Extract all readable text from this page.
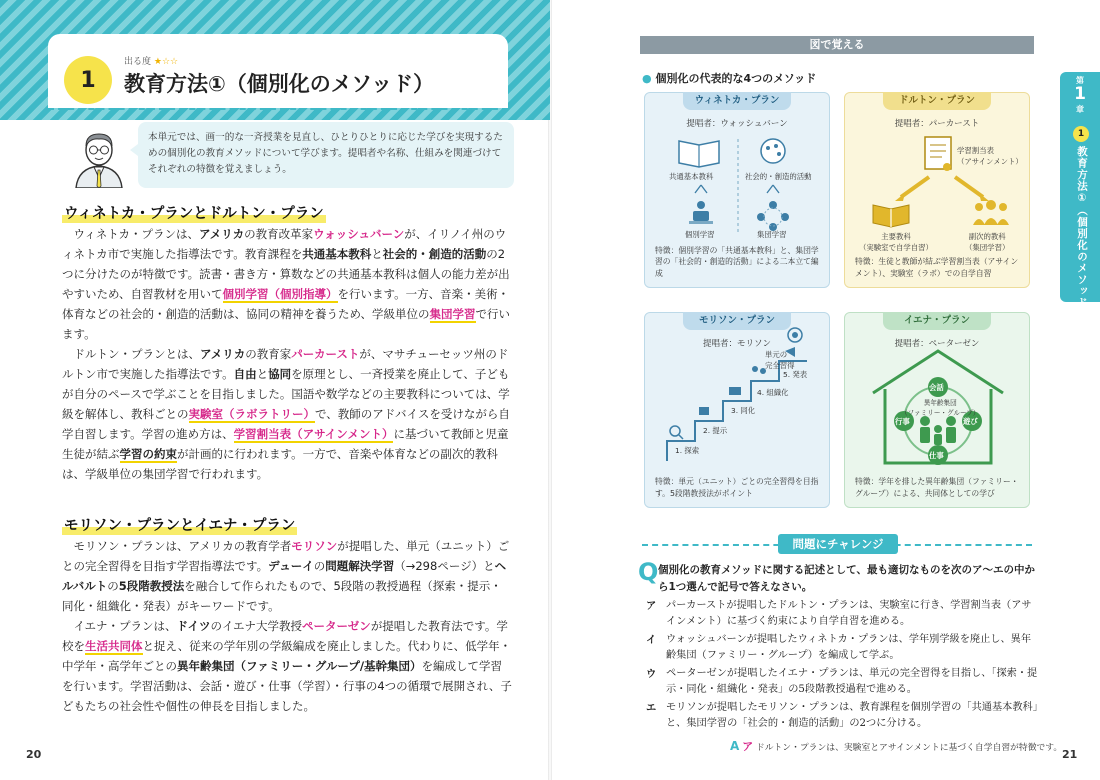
1
出る度 ★☆☆
教育方法①（個別化のメソッド）
本単元では、画一的な一斉授業を見直し、ひとりひとりに応じた学びを実現するための個別化の教育メソッドについて学びます。提唱者や名称、仕組みを関連づけてそれぞれの特徴を覚えましょう。
ウィネトカ・プランとドルトン・プラン

ウィネトカ・プランは、アメリカの教育改革家ウォッシュバーンが、イリノイ州のウィネトカ市で実施した指導法です。教育課程を共通基本教科と社会的・創造的活動の2つに分けたのが特徴です。読書・書き方・算数などの共通基本教科は個人の能力差が出やすいため、自習教材を用いて個別学習（個別指導）を行います。一方、音楽・美術・体育などの社会的・創造的活動は、協同の精神を養うため、学級単位の集団学習で行います。

ドルトン・プランとは、アメリカの教育家パーカーストが、マサチューセッツ州のドルトン市で実施した指導法です。自由と協同を原理とし、一斉授業を廃止して、子どもが自分のペースで学ぶことを目指しました。国語や数学などの主要教科については、学級を解体し、教科ごとの実験室（ラボラトリー）で、教師のアドバイスを受けながら自学自習します。学習の進め方は、学習割当表（アサインメント）に基づいて教師と児童生徒が結ぶ学習の約束が計画的に行われます。一方で、音楽や体育などの副次的教科は、学級単位の集団学習で行われます。

モリソン・プランとイエナ・プラン

モリソン・プランは、アメリカの教育学者モリソンが提唱した、単元（ユニット）ごとの完全習得を目指す学習指導法です。デューイの問題解決学習（→298ページ）とヘルバルトの5段階教授法を融合して作られたもので、5段階の教授過程（探索・提示・同化・組織化・発表）がキーワードです。

イエナ・プランは、ドイツのイエナ大学教授ペーターゼンが提唱した教育法です。学校を生活共同体と捉え、従来の学年別の学級編成を廃止しました。代わりに、低学年・中学年・高学年ごとの異年齢集団（ファミリー・グループ/基幹集団）を編成して学習を行います。学習活動は、会話・遊び・仕事（学習）・行事の4つの循環で展開され、子どもたちの社会性や個性の伸長を目指しました。

20
図で覚える
● 個別化の代表的な4つのメソッド	第
1
章
1
教育方法①（個別化のメソッド）
ウィネトカ・プラン
提唱者：ウォッシュバーン
共通基本教科	社会的・創造的活動
個別学習	集団学習
特徴：個別学習の「共通基本教科」と、集団学習の「社会的・創造的活動」による二本立て編成
ドルトン・プラン
提唱者：パーカースト
学習割当表
（アサインメント）
主要教科
（実験室で自学自習）
副次的教科
（集団学習）
特徴：生徒と教師が結ぶ学習割当表（アサインメント）、実験室（ラボ）での自学自習
モリソン・プラン
提唱者：モリソン
単元の
完全習得
1. 探索
2. 提示
3. 同化
4. 組織化
5. 発表
特徴：単元（ユニット）ごとの完全習得を目指す。5段階教授法がポイント
イエナ・プラン
提唱者：ペーターゼン
会話
遊び
仕事
行事
異年齢集団
（ファミリー・グループ）
特徴：学年を排した異年齢集団（ファミリー・グループ）による、共同体としての学び
問題にチャレンジ
Q 個別化の教育メソッドに関する記述として、最も適切なものを次のア～エの中から1つ選んで記号で答えなさい。
ア パーカーストが提唱したドルトン・プランは、実験室に行き、学習割当表（アサインメント）に基づく約束により自学自習を進める。
イ ウォッシュバーンが提唱したウィネトカ・プランは、学年別学級を廃止し、異年齢集団（ファミリー・グループ）を編成して学ぶ。
ウ ペーターゼンが提唱したイエナ・プランは、単元の完全習得を目指し、「探索・提示・同化・組織化・発表」の5段階教授過程で進める。
エ モリソンが提唱したモリソン・プランは、教育課程を個別学習の「共通基本教科」と、集団学習の「社会的・創造的活動」の2つに分ける。
A ア ドルトン・プランは、実験室とアサインメントに基づく自学自習が特徴です。 21
